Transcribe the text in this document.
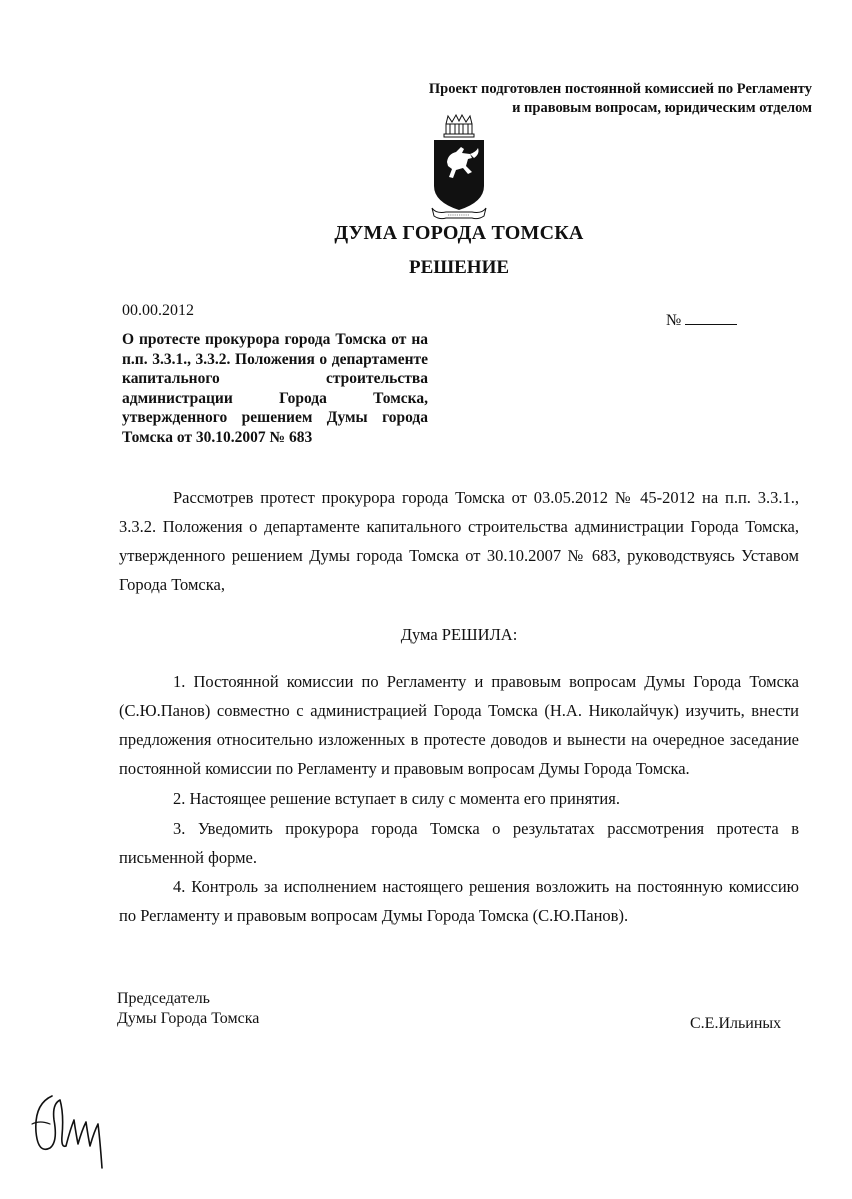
Проект подготовлен постоянной комиссией по Регламенту
и правовым вопросам, юридическим отделом
ДУМА ГОРОДА ТОМСКА
РЕШЕНИЕ
00.00.2012
№
О протесте прокурора города Томска от на п.п. 3.3.1., 3.3.2. Положения о департаменте капитального строительства администрации Города Томска, утвержденного решением Думы города Томска от 30.10.2007 № 683
Рассмотрев протест прокурора города Томска от 03.05.2012 № 45-2012 на п.п. 3.3.1., 3.3.2. Положения о департаменте капитального строительства администрации Города Томска, утвержденного решением Думы города Томска от 30.10.2007 № 683, руководствуясь Уставом Города Томска,
Дума РЕШИЛА:
1. Постоянной комиссии по Регламенту и правовым вопросам Думы Города Томска (С.Ю.Панов) совместно с администрацией Города Томска (Н.А. Николайчук) изучить, внести предложения относительно изложенных в протесте доводов и вынести на очередное заседание постоянной комиссии по Регламенту и правовым вопросам Думы Города Томска.
2. Настоящее решение вступает в силу с момента его принятия.
3. Уведомить прокурора города Томска о результатах рассмотрения протеста в письменной форме.
4. Контроль за исполнением настоящего решения возложить на постоянную комиссию по Регламенту и правовым вопросам Думы Города Томска (С.Ю.Панов).
Председатель
Думы Города Томска	С.Е.Ильиных
